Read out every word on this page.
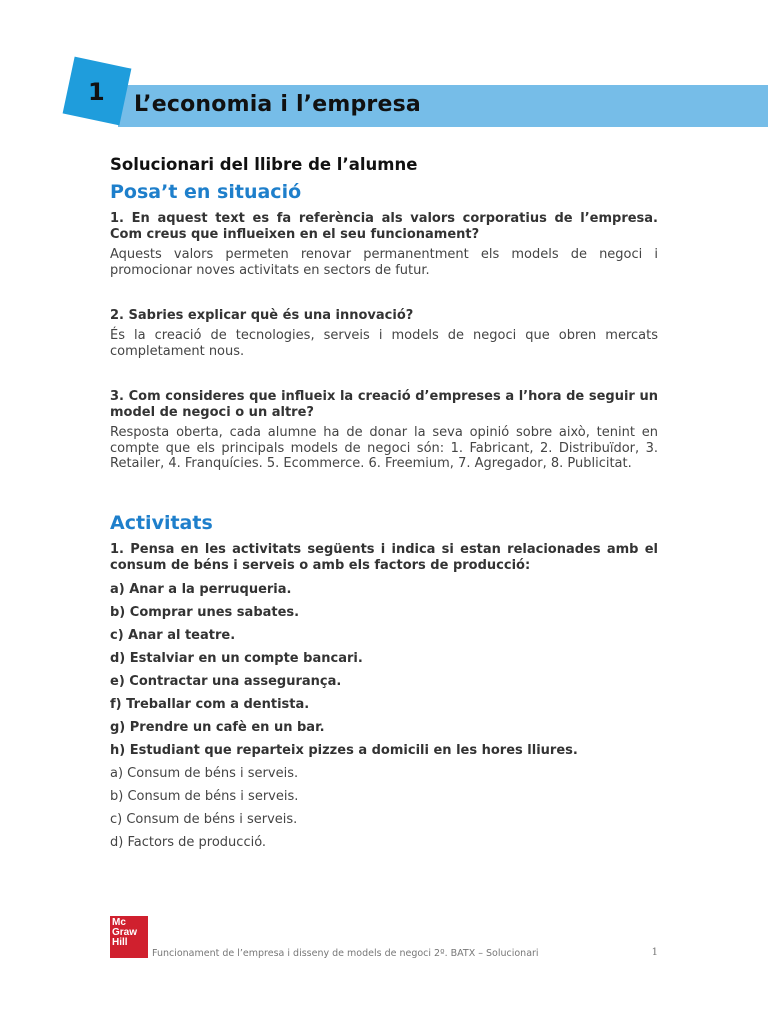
1 L’economia i l’empresa
Solucionari del llibre de l’alumne
Posa’t en situació

1. En aquest text es fa referència als valors corporatius de l’empresa. Com creus que influeixen en el seu funcionament?

Aquests valors permeten renovar permanentment els models de negoci i promocionar noves activitats en sectors de futur.

2. Sabries explicar què és una innovació?

És la creació de tecnologies, serveis i models de negoci que obren mercats completament nous.

3. Com consideres que influeix la creació d’empreses a l’hora de seguir un model de negoci o un altre?

Resposta oberta, cada alumne ha de donar la seva opinió sobre això, tenint en compte que els principals models de negoci són: 1. Fabricant, 2. Distribuïdor, 3. Retailer, 4. Franquícies. 5. Ecommerce. 6. Freemium, 7. Agregador, 8. Publicitat.

Activitats

1. Pensa en les activitats següents i indica si estan relacionades amb el consum de béns i serveis o amb els factors de producció:

a) Anar a la perruqueria.

b) Comprar unes sabates.

c) Anar al teatre.

d) Estalviar en un compte bancari.

e) Contractar una assegurança.

f) Treballar com a dentista.

g) Prendre un cafè en un bar.

h) Estudiant que reparteix pizzes a domicili en les hores lliures.

a) Consum de béns i serveis.

b) Consum de béns i serveis.

c) Consum de béns i serveis.

d) Factors de producció.

Mc
Graw
Hill
Funcionament de l’empresa i disseny de models de negoci 2º. BATX – Solucionari	1
